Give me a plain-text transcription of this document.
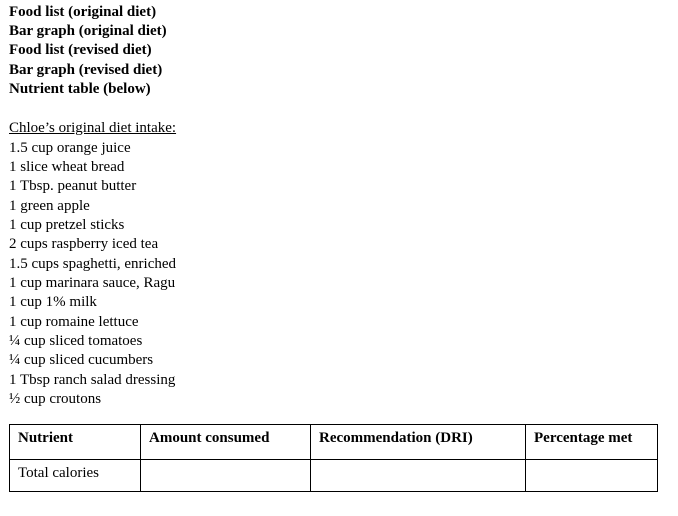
Food list (original diet)
Bar graph (original diet)
Food list (revised diet)
Bar graph (revised diet)
Nutrient table (below)
Chloe’s original diet intake:
1.5 cup orange juice
1 slice wheat bread
1 Tbsp. peanut butter
1 green apple
1 cup pretzel sticks
2 cups raspberry iced tea
1.5 cups spaghetti, enriched
1 cup marinara sauce, Ragu
1 cup 1% milk
1 cup romaine lettuce
¼ cup sliced tomatoes
¼ cup sliced cucumbers
1 Tbsp ranch salad dressing
½ cup croutons
Nutrient	Amount consumed	Recommendation (DRI)	Percentage met
Total calories			
